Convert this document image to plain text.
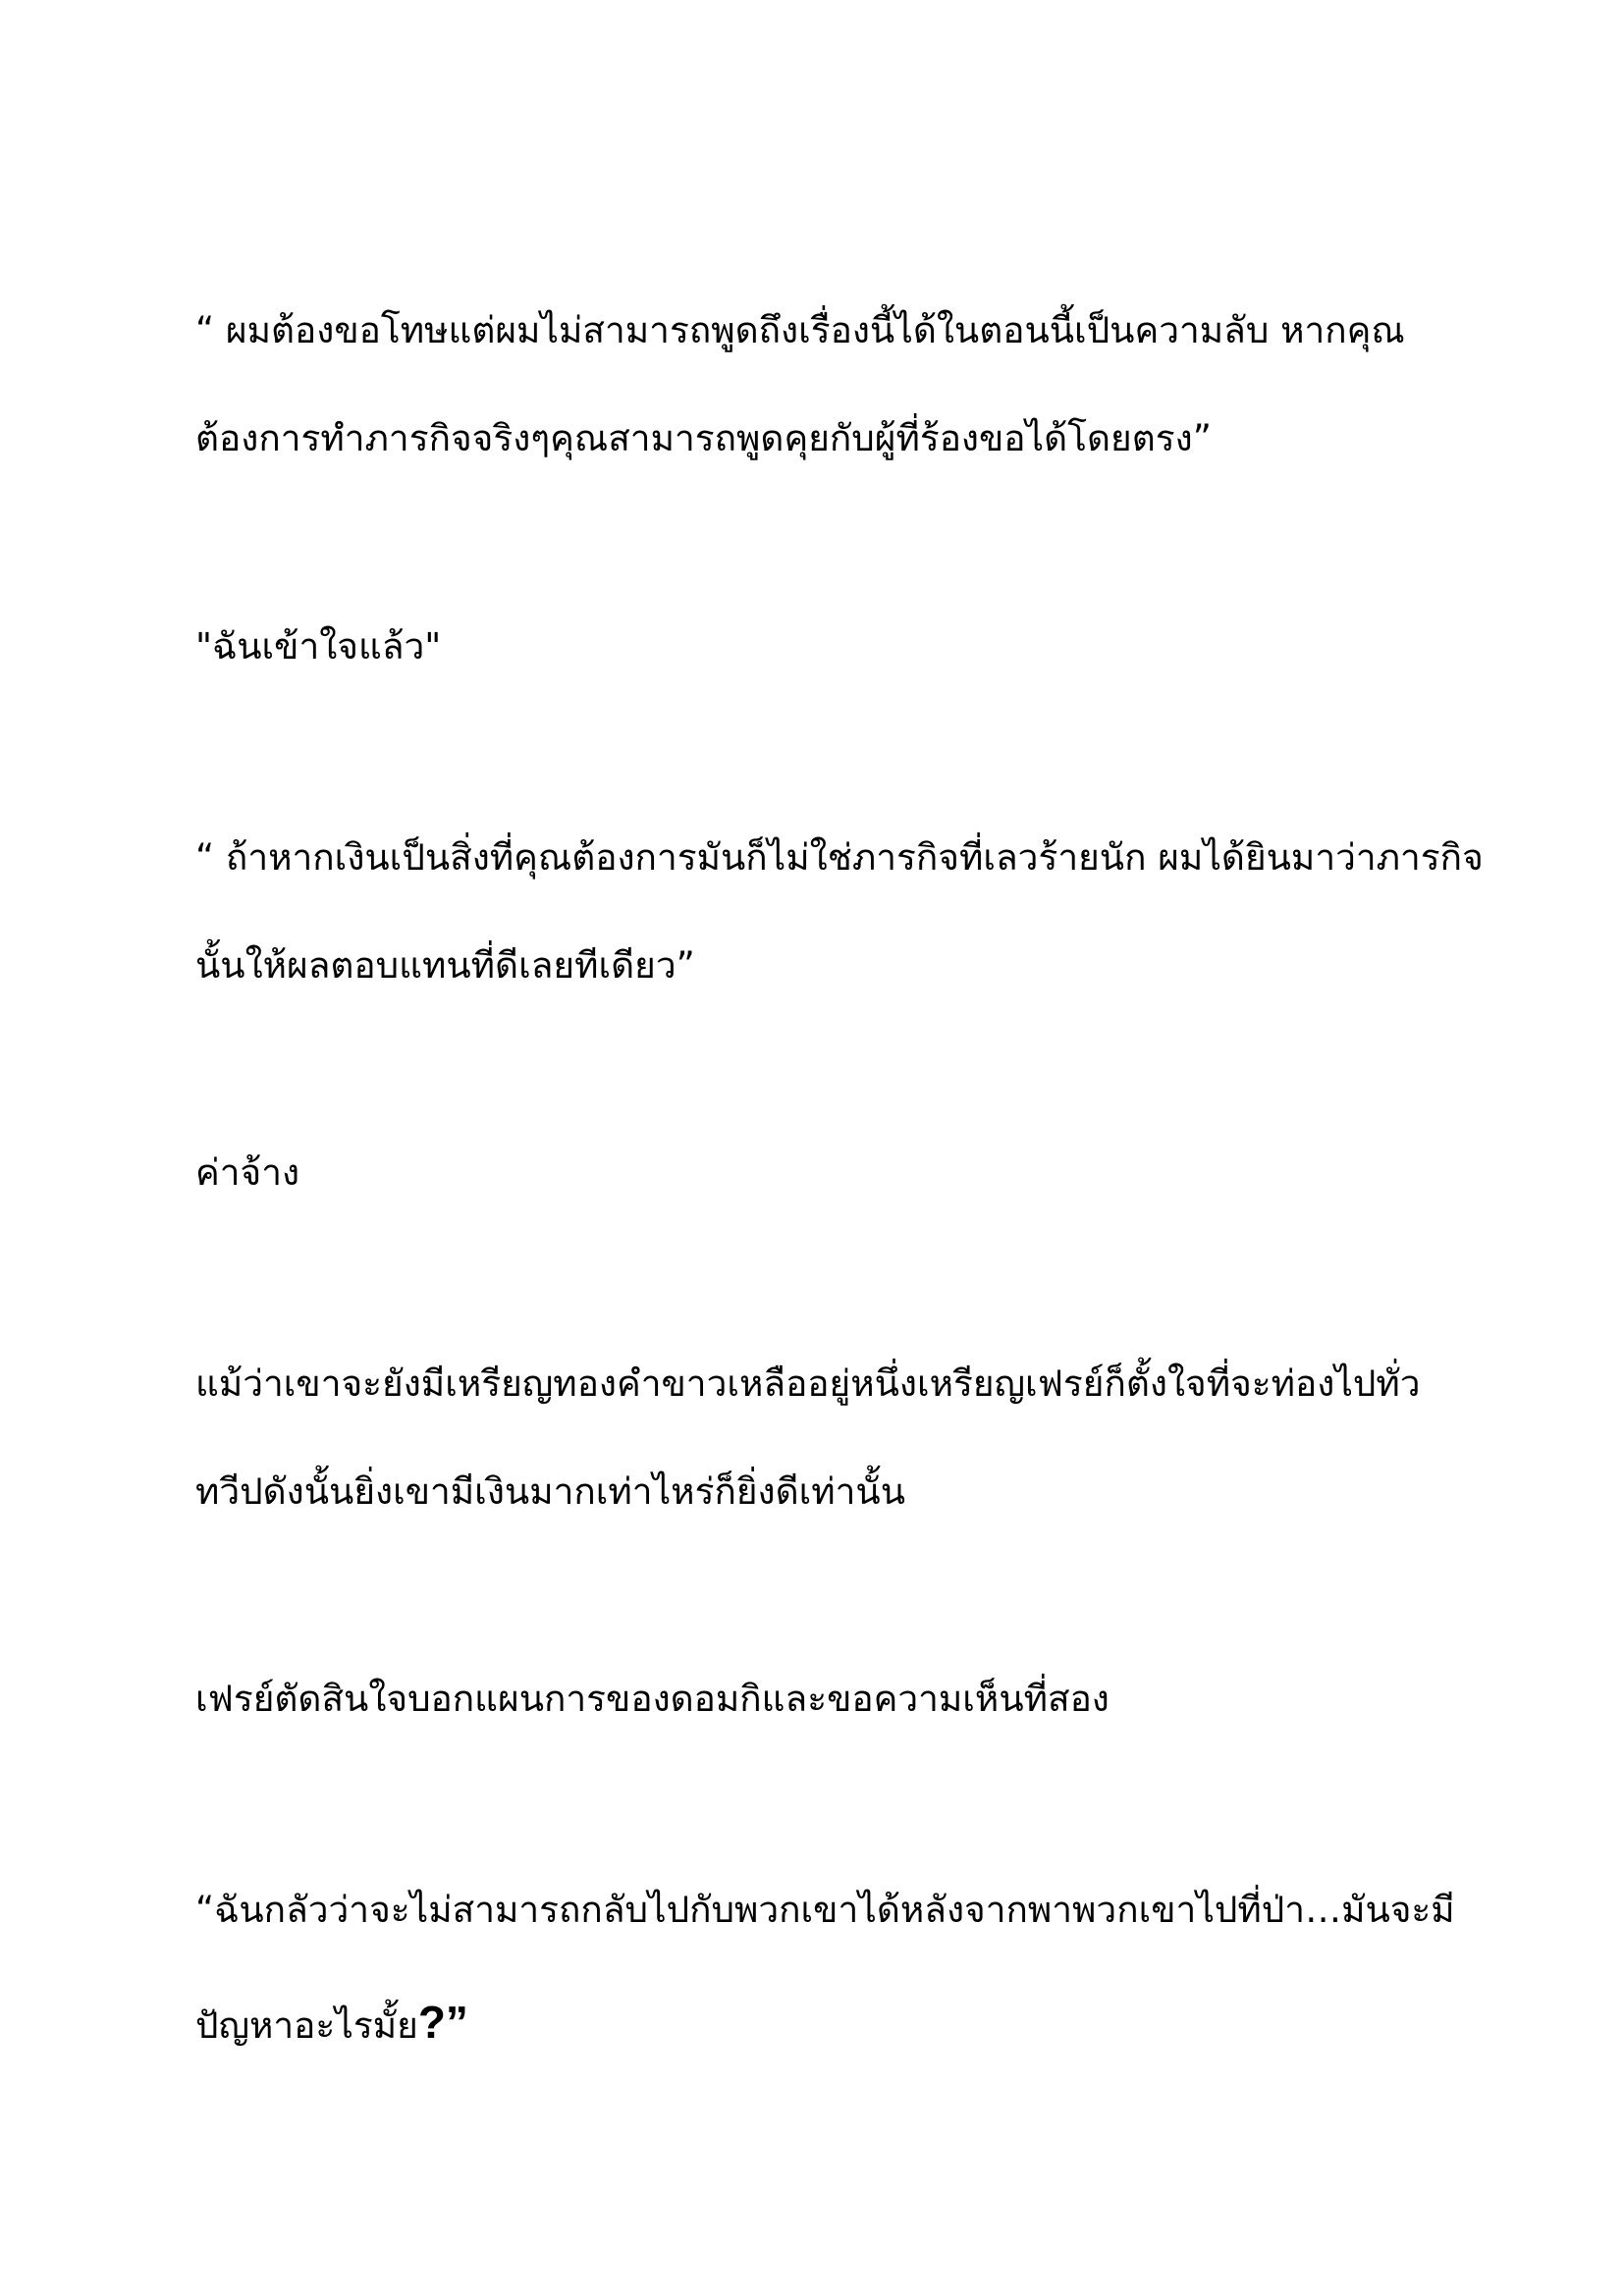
“ ผมต้องขอโทษแต่ผมไม่สามารถพูดถึงเรื่องนี้ได้ในตอนนี้เป็นความลับ หากคุณ
ต้องการทำภารกิจจริงๆคุณสามารถพูดคุยกับผู้ที่ร้องขอได้โดยตรง”
"ฉันเข้าใจแล้ว"
“ ถ้าหากเงินเป็นสิ่งที่คุณต้องการมันก็ไม่ใช่ภารกิจที่เลวร้ายนัก ผมได้ยินมาว่าภารกิจ
นั้นให้ผลตอบแทนที่ดีเลยทีเดียว”
ค่าจ้าง
แม้ว่าเขาจะยังมีเหรียญทองคำขาวเหลืออยู่หนึ่งเหรียญเฟรย์ก็ตั้งใจที่จะท่องไปทั่ว
ทวีปดังนั้นยิ่งเขามีเงินมากเท่าไหร่ก็ยิ่งดีเท่านั้น
เฟรย์ตัดสินใจบอกแผนการของดอมกิและขอความเห็นที่สอง
“ฉันกลัวว่าจะไม่สามารถกลับไปกับพวกเขาได้หลังจากพาพวกเขาไปที่ป่า…มันจะมี
ปัญหาอะไรมั้ย?”
